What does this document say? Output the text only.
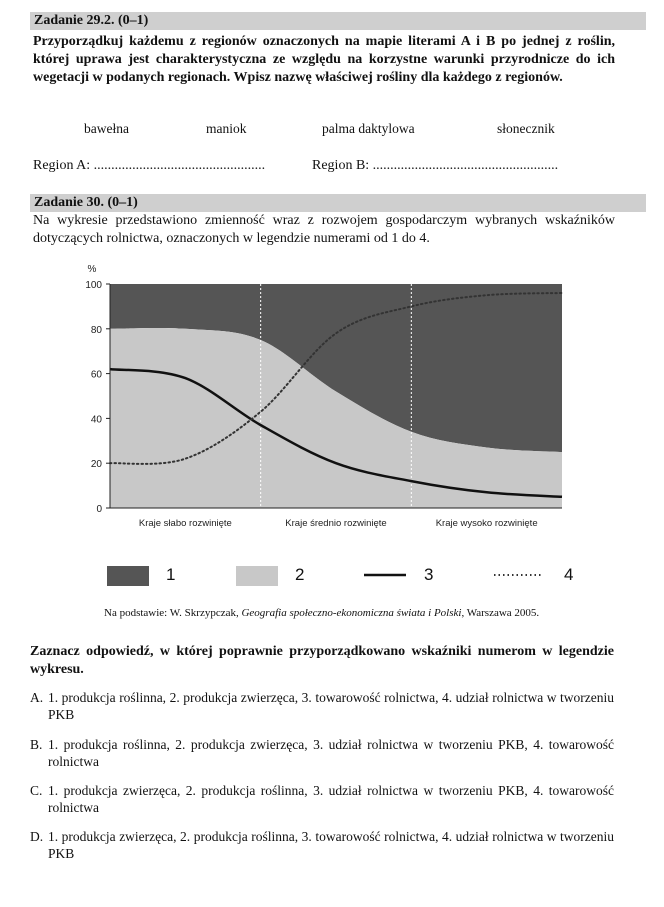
Zadanie 29.2. (0–1)
Przyporządkuj każdemu z regionów oznaczonych na mapie literami A i B po jednej z roślin, której uprawa jest charakterystyczna ze względu na korzystne warunki przyrodnicze do ich wegetacji w podanych regionach. Wpisz nazwę właściwej rośliny dla każdego z regionów.
bawełna	maniok	palma daktylowa	słonecznik
Region A: .................................................	Region B: .....................................................
Zadanie 30. (0–1)
Na wykresie przedstawiono zmienność wraz z rozwojem gospodarczym wybranych wskaźników dotyczących rolnictwa, oznaczonych w legendzie numerami od 1 do 4.
0
20
40
60
80
100
%
Kraje słabo rozwinięte	Kraje średnio rozwinięte	Kraje wysoko rozwinięte
1	2	3	4
Na podstawie: W. Skrzypczak, Geografia społeczno-ekonomiczna świata i Polski, Warszawa 2005.
Zaznacz odpowiedź, w której poprawnie przyporządkowano wskaźniki numerom w legendzie wykresu.
A. 1. produkcja roślinna, 2. produkcja zwierzęca, 3. towarowość rolnictwa, 4. udział rolnictwa w tworzeniu PKB
B. 1. produkcja roślinna, 2. produkcja zwierzęca, 3. udział rolnictwa w tworzeniu PKB, 4. towarowość rolnictwa
C. 1. produkcja zwierzęca, 2. produkcja roślinna, 3. udział rolnictwa w tworzeniu PKB, 4. towarowość rolnictwa
D. 1. produkcja zwierzęca, 2. produkcja roślinna, 3. towarowość rolnictwa, 4. udział rolnictwa w tworzeniu PKB
